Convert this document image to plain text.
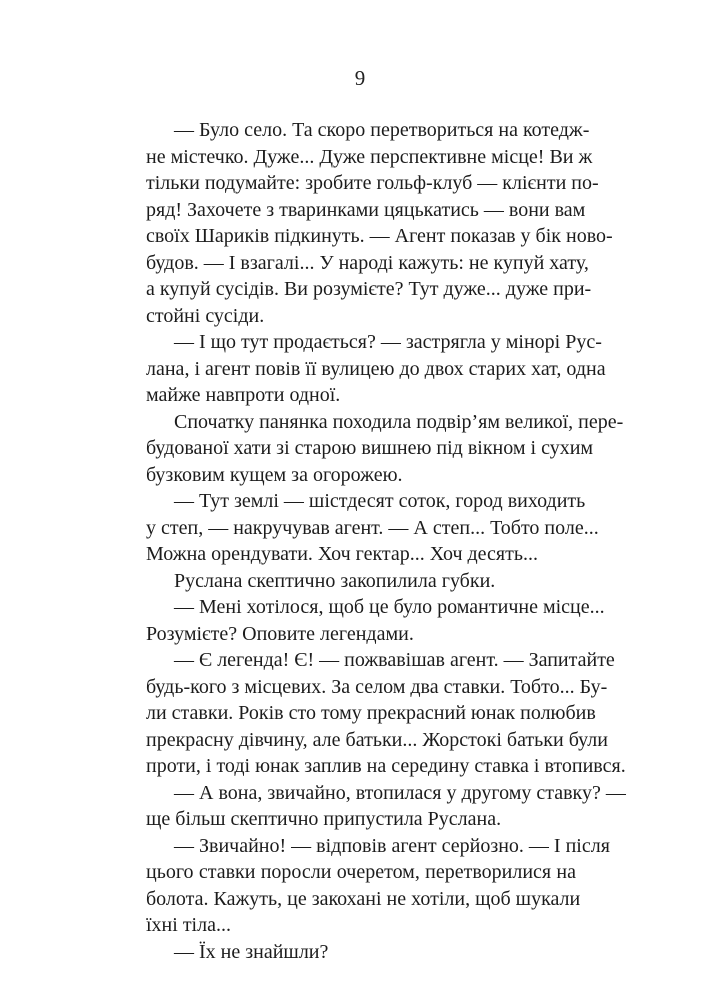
9

— Було село. Та скоро перетвориться на котедж-
не містечко. Дуже... Дуже перспективне місце! Ви ж
тільки подумайте: зробите гольф-клуб — клієнти по-
ряд! Захочете з тваринками цяцькатись — вони вам
своїх Шариків підкинуть. — Агент показав у бік ново-
будов. — І взагалі... У народі кажуть: не купуй хату,
а купуй сусідів. Ви розумієте? Тут дуже... дуже при-
стойні сусіди.

— І що тут продається? — застрягла у мінорі Рус-
лана, і агент повів її вулицею до двох старих хат, одна
майже навпроти одної.

Спочатку панянка походила подвір’ям великої, пере-
будованої хати зі старою вишнею під вікном і сухим
бузковим кущем за огорожею.

— Тут землі — шістдесят соток, город виходить
у степ, — накручував агент. — А степ... Тобто поле...
Можна орендувати. Хоч гектар... Хоч десять...

Руслана скептично закопилила губки.

— Мені хотілося, щоб це було романтичне місце...
Розумієте? Оповите легендами.

— Є легенда! Є! — пожвавішав агент. — Запитайте
будь-кого з місцевих. За селом два ставки. Тобто... Бу-
ли ставки. Років сто тому прекрасний юнак полюбив
прекрасну дівчину, але батьки... Жорстокі батьки були
проти, і тоді юнак заплив на середину ставка і втопився.

— А вона, звичайно, втопилася у другому ставку? —
ще більш скептично припустила Руслана.

— Звичайно! — відповів агент серйозно. — І після
цього ставки поросли очеретом, перетворилися на
болота. Кажуть, це закохані не хотіли, щоб шукали
їхні тіла...

— Їх не знайшли?
